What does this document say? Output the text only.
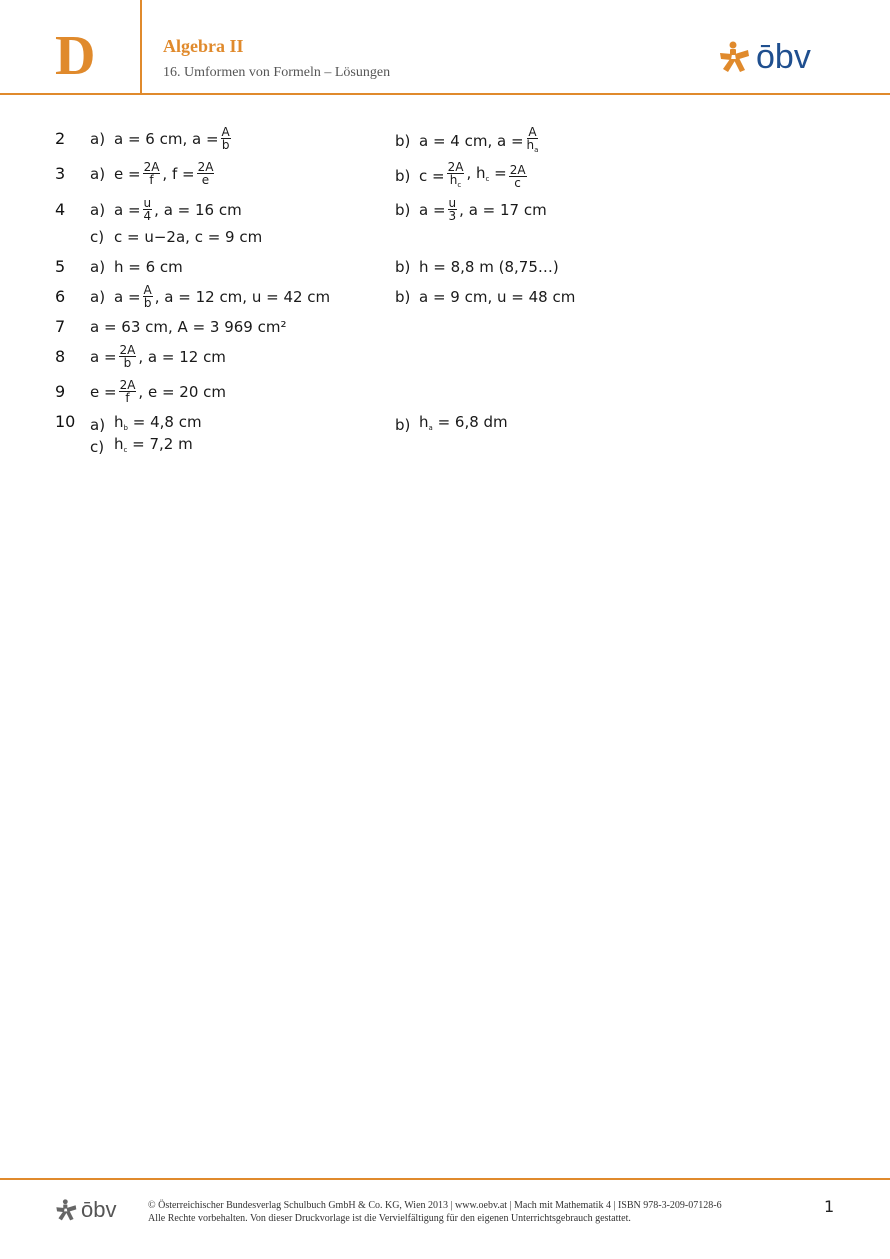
D	Algebra II
16. Umformen von Formeln – Lösungen	ōbv
2 a) a = 6 cm, $a = \frac{A}{b}$	b) a = 4 cm, $a = \frac{A}{h_a}$
3 a) $e = \frac{2A}{f}$ , $f = \frac{2A}{e}$	b) $c = \frac{2A}{h_c}$ , $h_c = \frac{2A}{c}$
4 a) $a = \frac{u}{4}$ , a = 16 cm	b) $a = \frac{u}{3}$ , a = 17 cm
c) c = u−2a, c = 9 cm
5 a) h = 6 cm	b) h = 8,8 m (8,75…)
6 a) $a = \frac{A}{b}$ , a = 12 cm, u = 42 cm	b) a = 9 cm, u = 48 cm
7 a = 63 cm, A = 3 969 cm²
8 $a = \frac{2A}{b}$ , a = 12 cm
9 $e = \frac{2A}{f}$ , e = 20 cm
10 a) $h_b = 4,8$ cm	b) $h_a = 6,8$ dm
c) $h_c = 7,2$ m
ōbv	© Österreichischer Bundesverlag Schulbuch GmbH & Co. KG, Wien 2013 | www.oebv.at | Mach mit Mathematik 4 | ISBN 978-3-209-07128-6
Alle Rechte vorbehalten. Von dieser Druckvorlage ist die Vervielfältigung für den eigenen Unterrichtsgebrauch gestattet.
1
